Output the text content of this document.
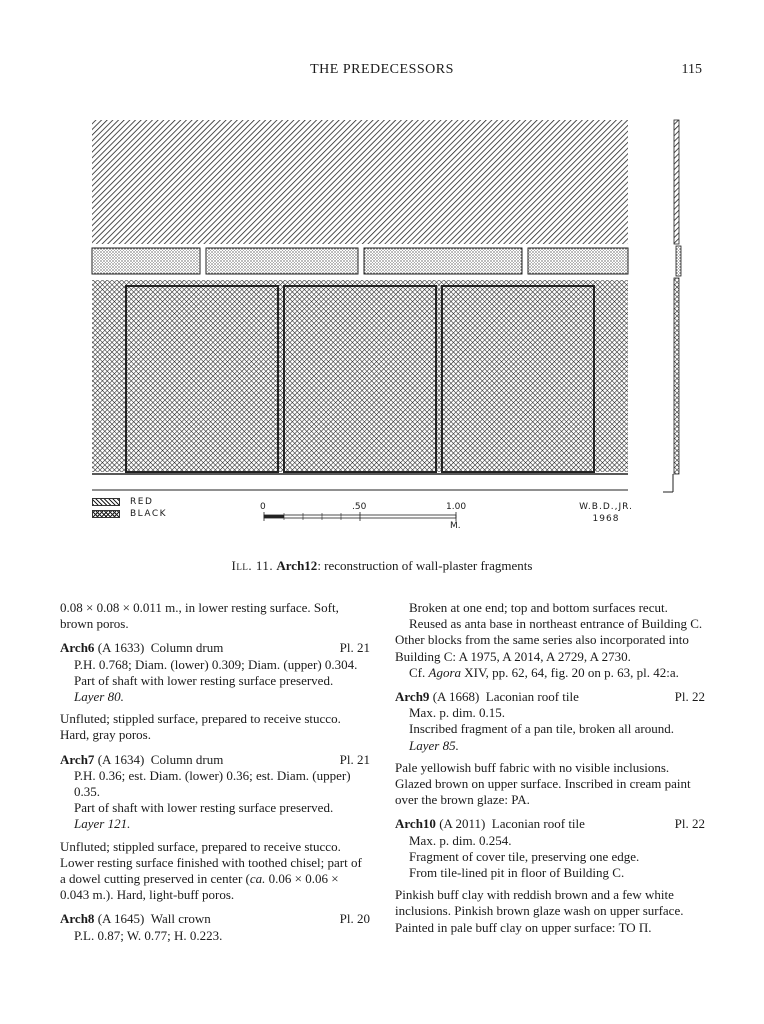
THE PREDECESSORS	115
RED
BLACK
0	.50	1.00
M.
W.B.D.,JR.
1968
Ill. 11. Arch12: reconstruction of wall-plaster fragments

0.08 × 0.08 × 0.011 m., in lower resting surface. Soft, brown poros.

Arch6 (A 1633) Column drum	Pl. 21

P.H. 0.768; Diam. (lower) 0.309; Diam. (upper) 0.304.

Part of shaft with lower resting surface preserved.

Layer 80.

Unfluted; stippled surface, prepared to receive stucco. Hard, gray poros.

Arch7 (A 1634) Column drum	Pl. 21

P.H. 0.36; est. Diam. (lower) 0.36; est. Diam. (upper) 0.35.

Part of shaft with lower resting surface preserved.

Layer 121.

Unfluted; stippled surface, prepared to receive stucco. Lower resting surface finished with toothed chisel; part of a dowel cutting preserved in center (ca. 0.06 × 0.06 × 0.043 m.). Hard, light-buff poros.

Arch8 (A 1645) Wall crown	Pl. 20

P.L. 0.87; W. 0.77; H. 0.223.

Broken at one end; top and bottom surfaces recut.

Reused as anta base in northeast entrance of Building C.

Other blocks from the same series also incorporated into Building C: A 1975, A 2014, A 2729, A 2730.

Cf. Agora XIV, pp. 62, 64, fig. 20 on p. 63, pl. 42:a.

Arch9 (A 1668) Laconian roof tile	Pl. 22

Max. p. dim. 0.15.

Inscribed fragment of a pan tile, broken all around.

Layer 85.

Pale yellowish buff fabric with no visible inclusions. Glazed brown on upper surface. Inscribed in cream paint over the brown glaze: PA.

Arch10 (A 2011) Laconian roof tile	Pl. 22

Max. p. dim. 0.254.

Fragment of cover tile, preserving one edge.

From tile-lined pit in floor of Building C.

Pinkish buff clay with reddish brown and a few white inclusions. Pinkish brown glaze wash on upper surface. Painted in pale buff clay on upper surface: ΤΟ Π.
